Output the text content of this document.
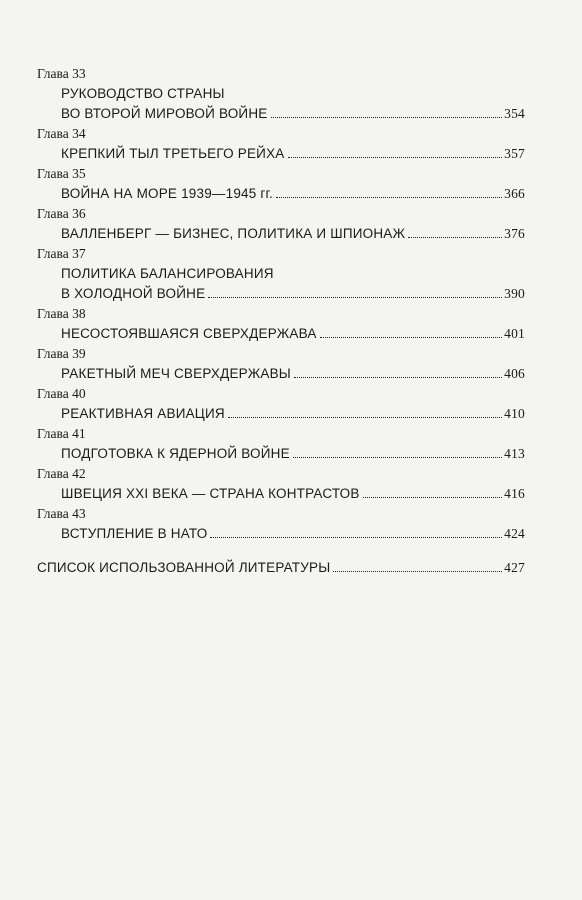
Глава 33
РУКОВОДСТВО СТРАНЫ
ВО ВТОРОЙ МИРОВОЙ ВОЙНЕ	354
Глава 34
КРЕПКИЙ ТЫЛ ТРЕТЬЕГО РЕЙХА	357
Глава 35
ВОЙНА НА МОРЕ 1939—1945 гг.	366
Глава 36
ВАЛЛЕНБЕРГ — БИЗНЕС, ПОЛИТИКА И ШПИОНАЖ	376
Глава 37
ПОЛИТИКА БАЛАНСИРОВАНИЯ
В ХОЛОДНОЙ ВОЙНЕ	390
Глава 38
НЕСОСТОЯВШАЯСЯ СВЕРХДЕРЖАВА	401
Глава 39
РАКЕТНЫЙ МЕЧ СВЕРХДЕРЖАВЫ	406
Глава 40
РЕАКТИВНАЯ АВИАЦИЯ	410
Глава 41
ПОДГОТОВКА К ЯДЕРНОЙ ВОЙНЕ	413
Глава 42
ШВЕЦИЯ XXI ВЕКА — СТРАНА КОНТРАСТОВ	416
Глава 43
ВСТУПЛЕНИЕ В НАТО	424
СПИСОК ИСПОЛЬЗОВАННОЙ ЛИТЕРАТУРЫ	427
